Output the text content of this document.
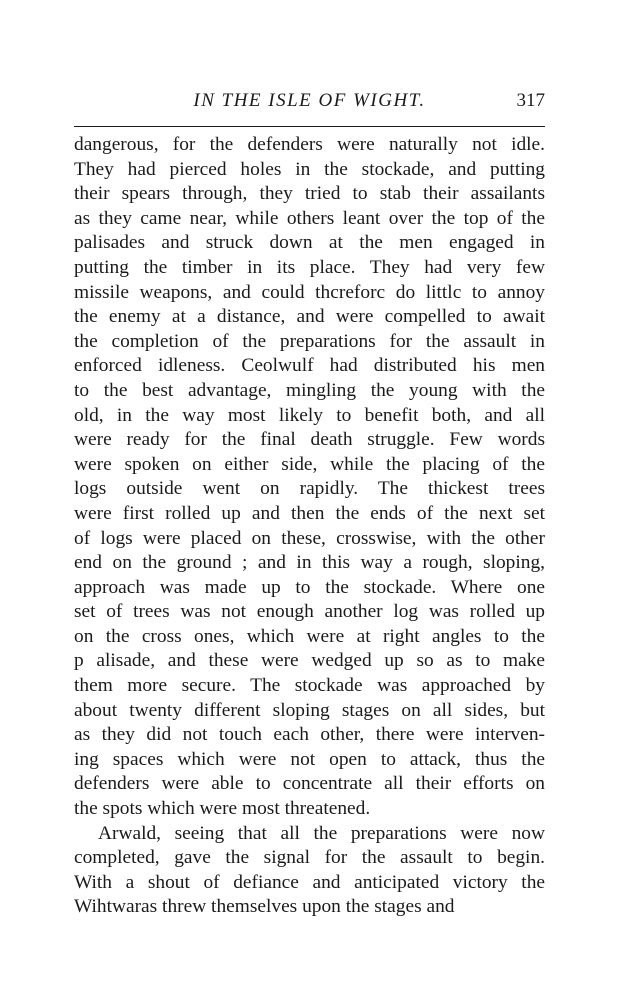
IN THE ISLE OF WIGHT.	317
dangerous, for the defenders were naturally not idle.
They had pierced holes in the stockade, and putting
their spears through, they tried to stab their assailants
as they came near, while others leant over the top of the
palisades and struck down at the men engaged in
putting the timber in its place. They had very few
missile weapons, and could thcreforc do littlc to annoy
the enemy at a distance, and were compelled to await
the completion of the preparations for the assault in
enforced idleness. Ceolwulf had distributed his men
to the best advantage, mingling the young with the
old, in the way most likely to benefit both, and all
were ready for the final death struggle. Few words
were spoken on either side, while the placing of the
logs outside went on rapidly. The thickest trees
were first rolled up and then the ends of the next set
of logs were placed on these, crosswise, with the other
end on the ground ; and in this way a rough, sloping,
approach was made up to the stockade. Where one
set of trees was not enough another log was rolled up
on the cross ones, which were at right angles to the
p alisade, and these were wedged up so as to make
them more secure. The stockade was approached by
about twenty different sloping stages on all sides, but
as they did not touch each other, there were interven-
ing spaces which were not open to attack, thus the
defenders were able to concentrate all their efforts on
the spots which were most threatened.
Arwald, seeing that all the preparations were now
completed, gave the signal for the assault to begin.
With a shout of defiance and anticipated victory the
Wihtwaras threw themselves upon the stages and
